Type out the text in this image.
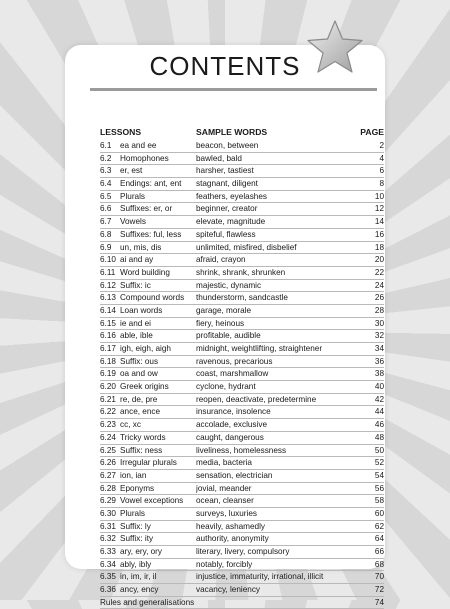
CONTENTS
LESSONS	SAMPLE WORDS	PAGE
6.1	ea and ee	beacon, between	2
6.2	Homophones	bawled, bald	4
6.3	er, est	harsher, tastiest	6
6.4	Endings: ant, ent	stagnant, diligent	8
6.5	Plurals	feathers, eyelashes	10
6.6	Suffixes: er, or	beginner, creator	12
6.7	Vowels	elevate, magnitude	14
6.8	Suffixes: ful, less	spiteful, flawless	16
6.9	un, mis, dis	unlimited, misfired, disbelief	18
6.10 ai and ay	afraid, crayon	20
6.11 Word building	shrink, shrank, shrunken	22
6.12 Suffix: ic	majestic, dynamic	24
6.13 Compound words	thunderstorm, sandcastle	26
6.14 Loan words	garage, morale	28
6.15 ie and ei	fiery, heinous	30
6.16 able, ible	profitable, audible	32
6.17 igh, eigh, aigh	midnight, weightlifting, straightener	34
6.18 Suffix: ous	ravenous, precarious	36
6.19 oa and ow	coast, marshmallow	38
6.20 Greek origins	cyclone, hydrant	40
6.21 re, de, pre	reopen, deactivate, predetermine	42
6.22 ance, ence	insurance, insolence	44
6.23 cc, xc	accolade, exclusive	46
6.24 Tricky words	caught, dangerous	48
6.25 Suffix: ness	liveliness, homelessness	50
6.26 Irregular plurals	media, bacteria	52
6.27 ion, ian	sensation, electrician	54
6.28 Eponyms	jovial, meander	56
6.29 Vowel exceptions	ocean, cleanser	58
6.30 Plurals	surveys, luxuries	60
6.31 Suffix: ly	heavily, ashamedly	62
6.32 Suffix: ity	authority, anonymity	64
6.33 ary, ery, ory	literary, livery, compulsory	66
6.34 ably, ibly	notably, forcibly	68
6.35 in, im, ir, il	injustice, immaturity, irrational, illicit	70
6.36 ancy, ency	vacancy, leniency	72
Rules and generalisations	74
